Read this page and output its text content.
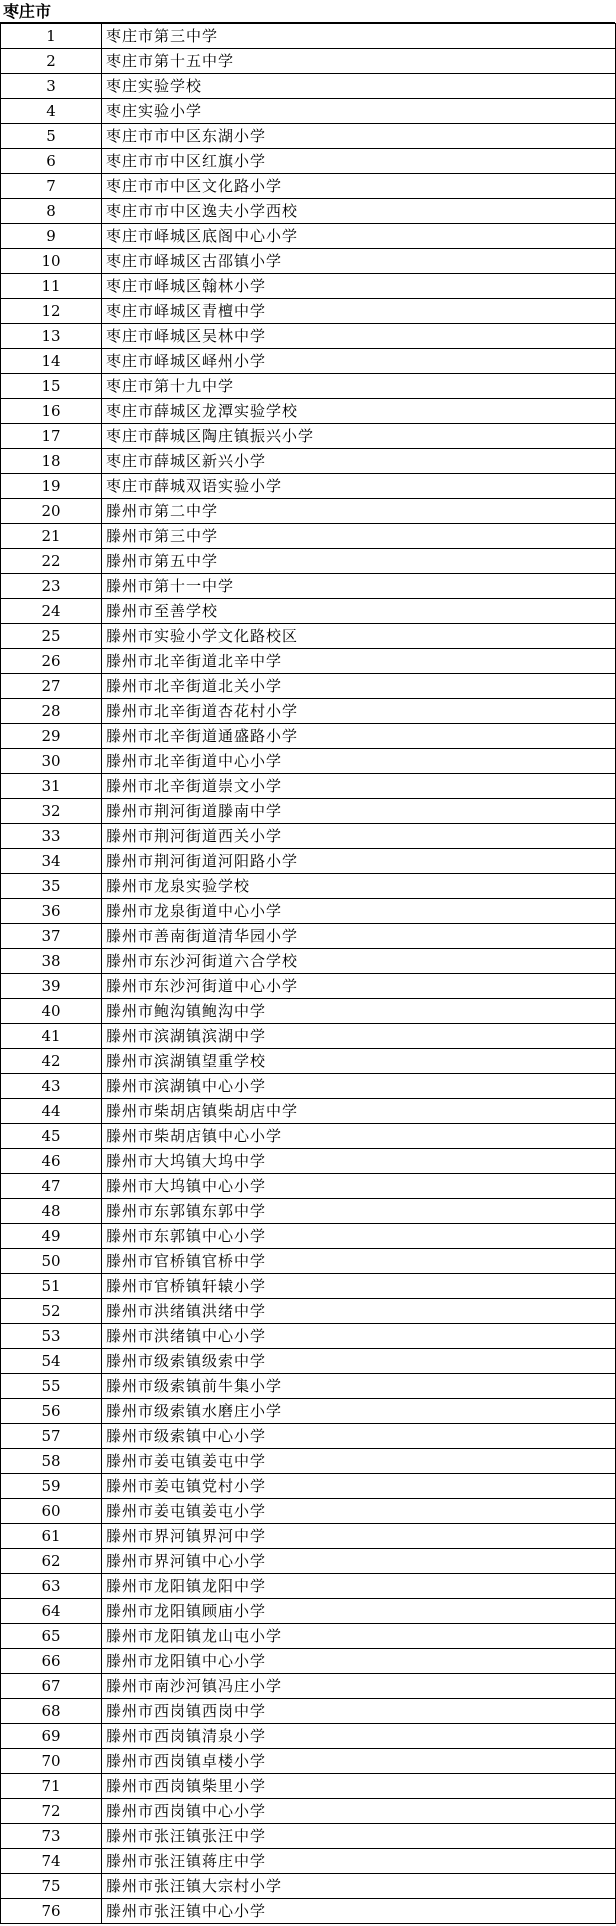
枣庄市
1	枣庄市第三中学
2	枣庄市第十五中学
3	枣庄实验学校
4	枣庄实验小学
5	枣庄市市中区东湖小学
6	枣庄市市中区红旗小学
7	枣庄市市中区文化路小学
8	枣庄市市中区逸夫小学西校
9	枣庄市峄城区底阁中心小学
10	枣庄市峄城区古邵镇小学
11	枣庄市峄城区翰林小学
12	枣庄市峄城区青檀中学
13	枣庄市峄城区吴林中学
14	枣庄市峄城区峄州小学
15	枣庄市第十九中学
16	枣庄市薛城区龙潭实验学校
17	枣庄市薛城区陶庄镇振兴小学
18	枣庄市薛城区新兴小学
19	枣庄市薛城双语实验小学
20	滕州市第二中学
21	滕州市第三中学
22	滕州市第五中学
23	滕州市第十一中学
24	滕州市至善学校
25	滕州市实验小学文化路校区
26	滕州市北辛街道北辛中学
27	滕州市北辛街道北关小学
28	滕州市北辛街道杏花村小学
29	滕州市北辛街道通盛路小学
30	滕州市北辛街道中心小学
31	滕州市北辛街道崇文小学
32	滕州市荆河街道滕南中学
33	滕州市荆河街道西关小学
34	滕州市荆河街道河阳路小学
35	滕州市龙泉实验学校
36	滕州市龙泉街道中心小学
37	滕州市善南街道清华园小学
38	滕州市东沙河街道六合学校
39	滕州市东沙河街道中心小学
40	滕州市鲍沟镇鲍沟中学
41	滕州市滨湖镇滨湖中学
42	滕州市滨湖镇望重学校
43	滕州市滨湖镇中心小学
44	滕州市柴胡店镇柴胡店中学
45	滕州市柴胡店镇中心小学
46	滕州市大坞镇大坞中学
47	滕州市大坞镇中心小学
48	滕州市东郭镇东郭中学
49	滕州市东郭镇中心小学
50	滕州市官桥镇官桥中学
51	滕州市官桥镇轩辕小学
52	滕州市洪绪镇洪绪中学
53	滕州市洪绪镇中心小学
54	滕州市级索镇级索中学
55	滕州市级索镇前牛集小学
56	滕州市级索镇水磨庄小学
57	滕州市级索镇中心小学
58	滕州市姜屯镇姜屯中学
59	滕州市姜屯镇党村小学
60	滕州市姜屯镇姜屯小学
61	滕州市界河镇界河中学
62	滕州市界河镇中心小学
63	滕州市龙阳镇龙阳中学
64	滕州市龙阳镇顾庙小学
65	滕州市龙阳镇龙山屯小学
66	滕州市龙阳镇中心小学
67	滕州市南沙河镇冯庄小学
68	滕州市西岗镇西岗中学
69	滕州市西岗镇清泉小学
70	滕州市西岗镇卓楼小学
71	滕州市西岗镇柴里小学
72	滕州市西岗镇中心小学
73	滕州市张汪镇张汪中学
74	滕州市张汪镇蒋庄中学
75	滕州市张汪镇大宗村小学
76	滕州市张汪镇中心小学
